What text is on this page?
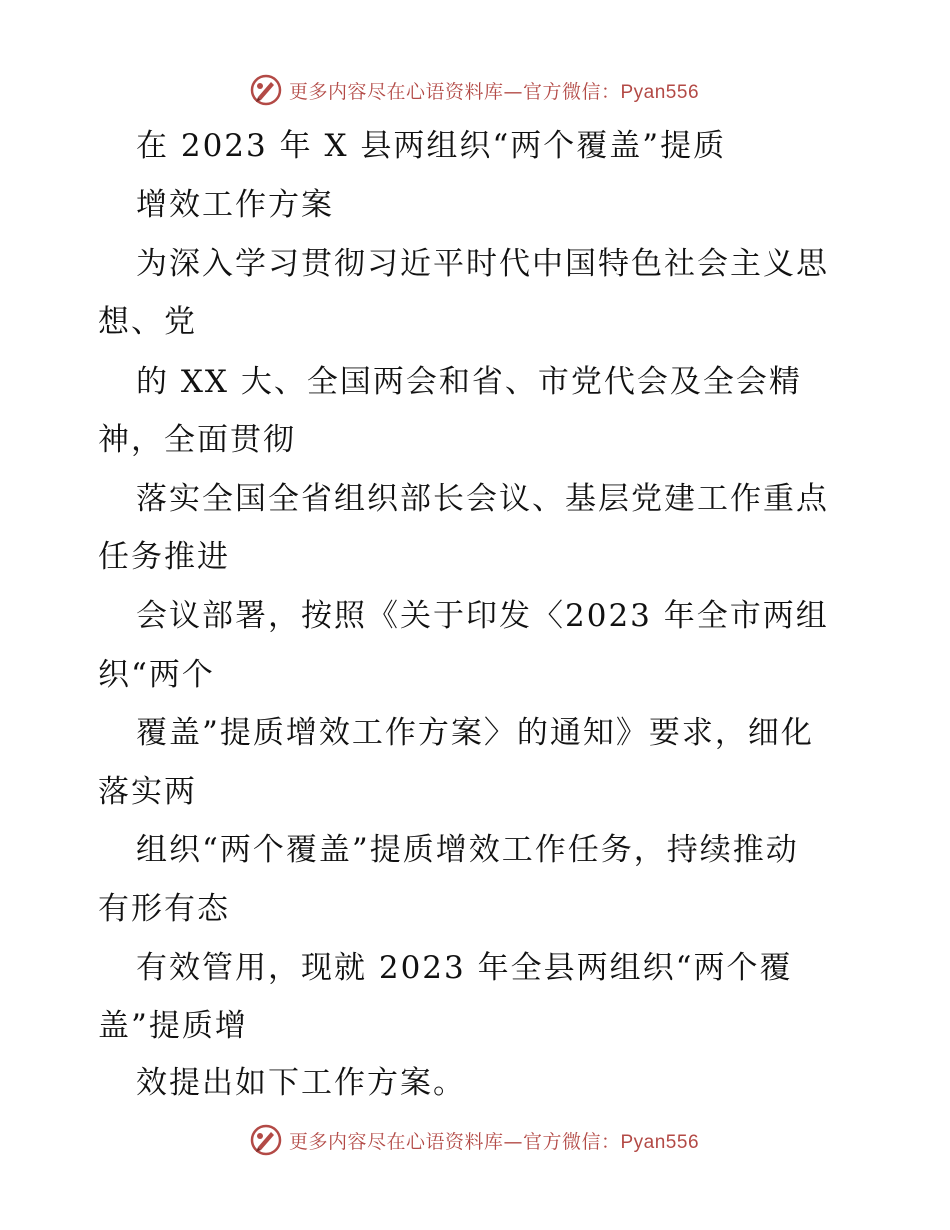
更多内容尽在心语资料库—官方微信：Pyan556
在 2023 年 X 县两组织“两个覆盖”提质
增效工作方案
为深入学习贯彻习近平时代中国特色社会主义思
想、党
的 XX 大、全国两会和省、市党代会及全会精
神，全面贯彻
落实全国全省组织部长会议、基层党建工作重点
任务推进
会议部署，按照《关于印发〈2023 年全市两组
织“两个
覆盖”提质增效工作方案〉的通知》要求，细化
落实两
组织“两个覆盖”提质增效工作任务，持续推动
有形有态
有效管用，现就 2023 年全县两组织“两个覆
盖”提质增
效提出如下工作方案。
更多内容尽在心语资料库—官方微信：Pyan556
